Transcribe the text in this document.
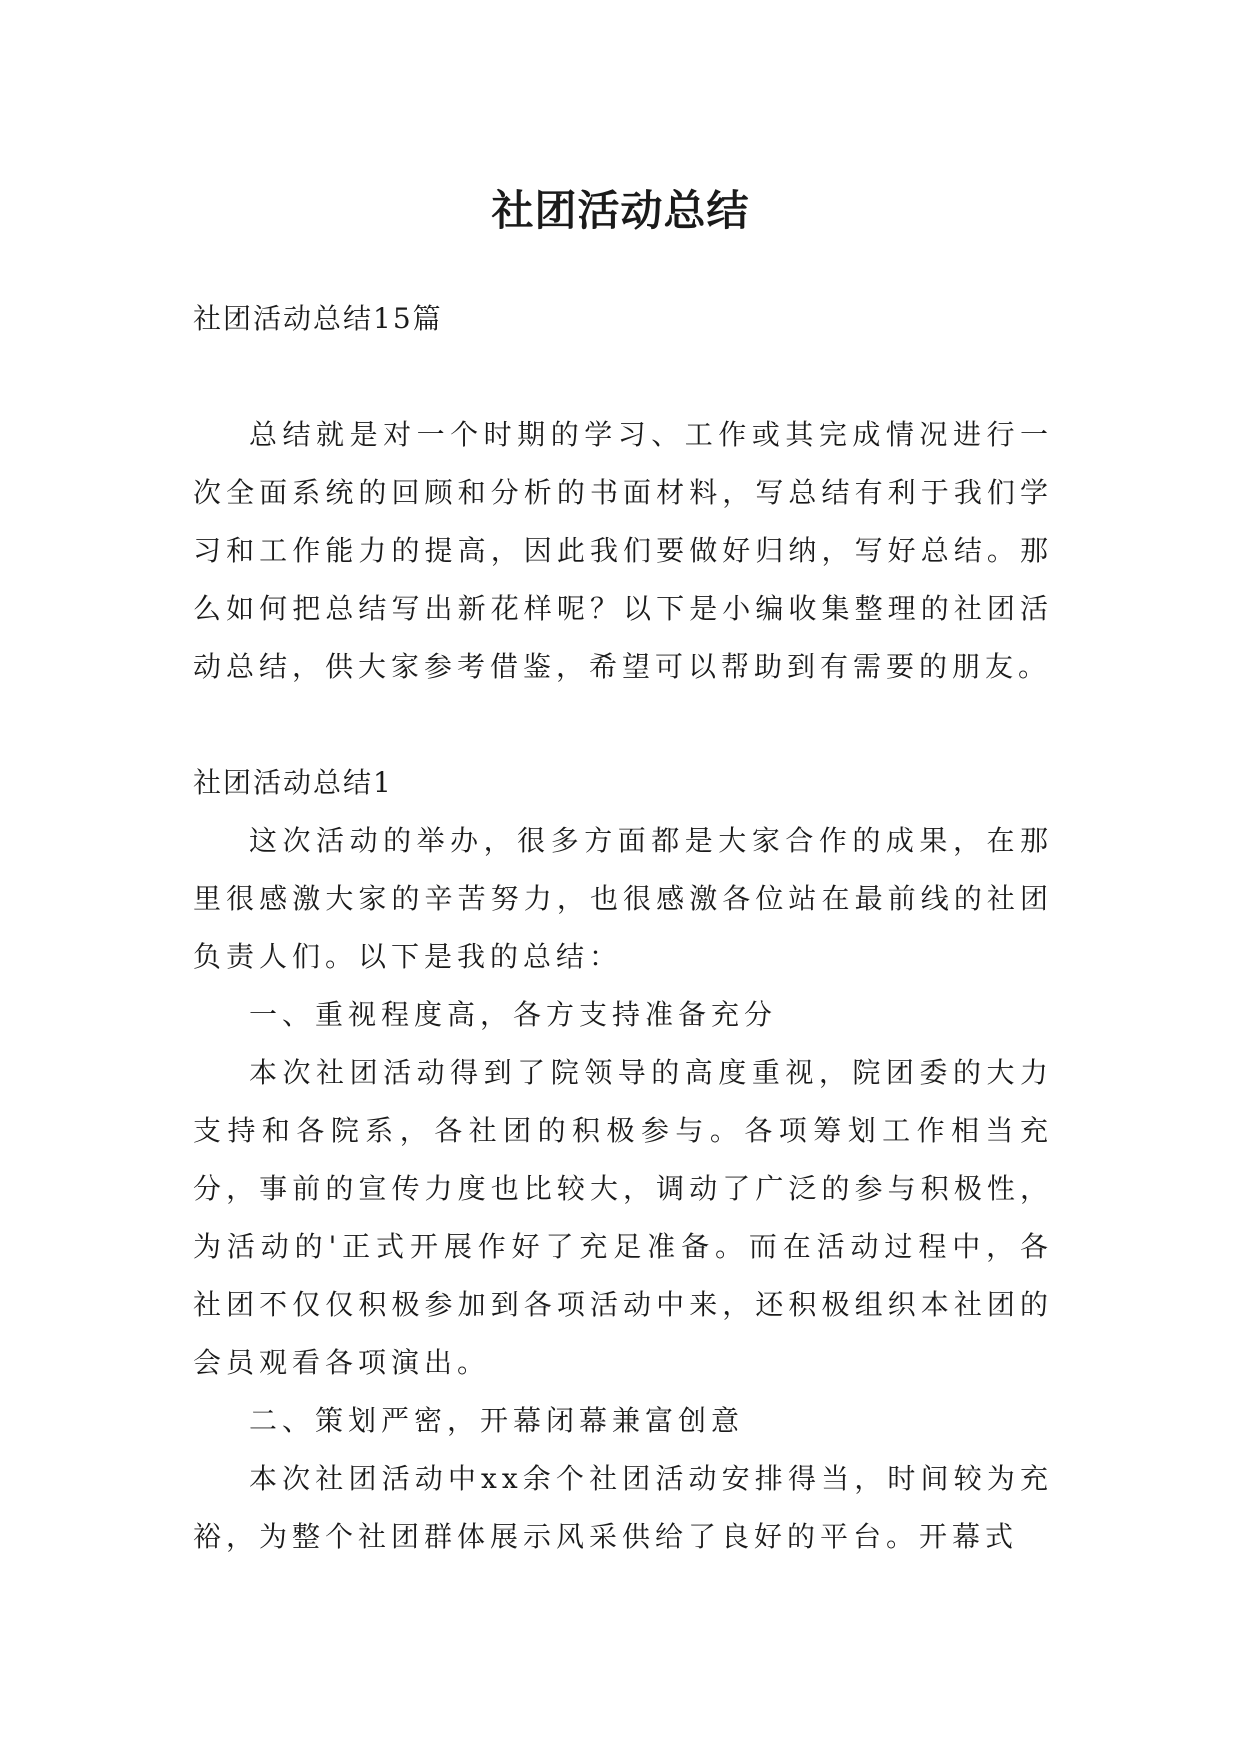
社团活动总结

社团活动总结15篇

总结就是对一个时期的学习、工作或其完成情况进行一次全面系统的回顾和分析的书面材料，写总结有利于我们学习和工作能力的提高，因此我们要做好归纳，写好总结。那么如何把总结写出新花样呢？以下是小编收集整理的社团活动总结，供大家参考借鉴，希望可以帮助到有需要的朋友。

社团活动总结1

这次活动的举办，很多方面都是大家合作的成果，在那里很感激大家的辛苦努力，也很感激各位站在最前线的社团负责人们。以下是我的总结：

一、重视程度高，各方支持准备充分

本次社团活动得到了院领导的高度重视，院团委的大力支持和各院系，各社团的积极参与。各项筹划工作相当充分，事前的宣传力度也比较大，调动了广泛的参与积极性，为活动的'正式开展作好了充足准备。而在活动过程中，各社团不仅仅积极参加到各项活动中来，还积极组织本社团的会员观看各项演出。

二、策划严密，开幕闭幕兼富创意

本次社团活动中xx余个社团活动安排得当，时间较为充裕，为整个社团群体展示风采供给了良好的平台。开幕式
